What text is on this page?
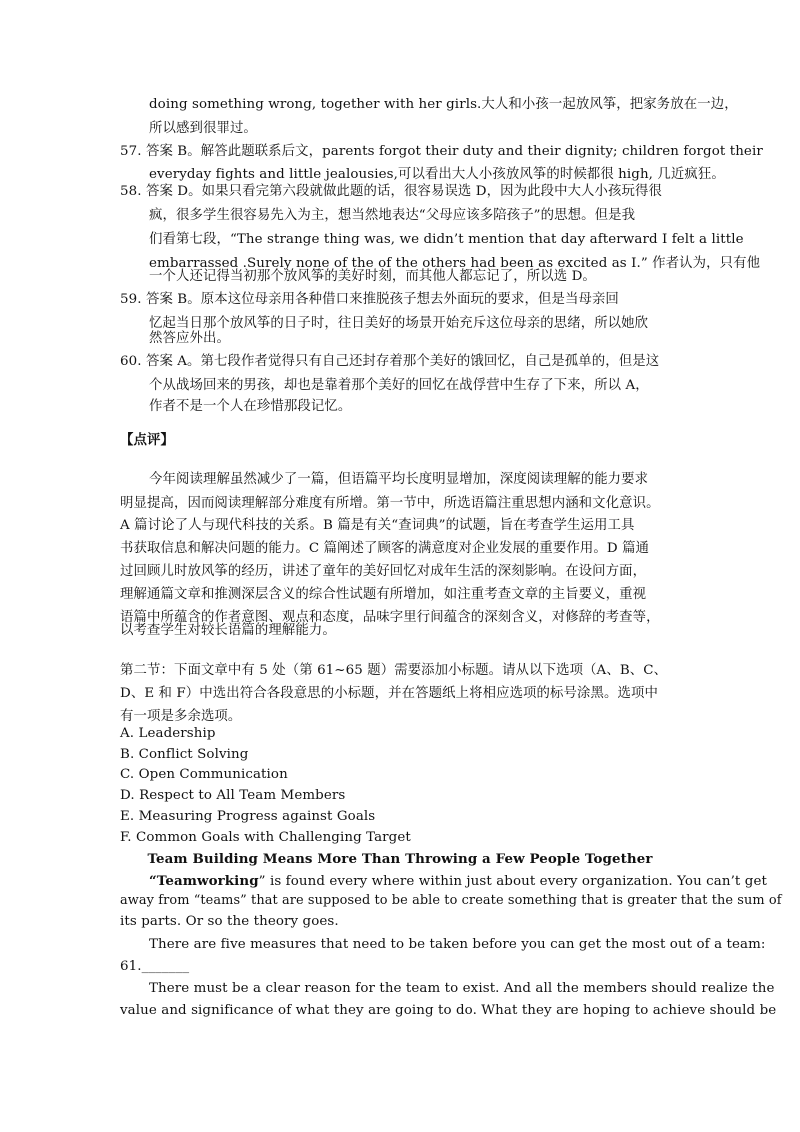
doing something wrong, together with her girls.大人和小孩一起放风筝，把家务放在一边，
所以感到很罪过。
57. 答案 B。解答此题联系后文，parents forgot their duty and their dignity; children forgot their
everyday fights and little jealousies,可以看出大人小孩放风筝的时候都很 high, 几近疯狂。
58. 答案 D。如果只看完第六段就做此题的话，很容易误选 D，因为此段中大人小孩玩得很
疯，很多学生很容易先入为主，想当然地表达“父母应该多陪孩子”的思想。但是我
们看第七段，“The strange thing was, we didn’t mention that day afterward I felt a little
embarrassed .Surely none of the of the others had been as excited as I.” 作者认为，只有他
一个人还记得当初那个放风筝的美好时刻，而其他人都忘记了，所以选 D。
59. 答案 B。原本这位母亲用各种借口来推脱孩子想去外面玩的要求，但是当母亲回
忆起当日那个放风筝的日子时，往日美好的场景开始充斥这位母亲的思绪，所以她欣
然答应外出。
60. 答案 A。第七段作者觉得只有自己还封存着那个美好的饿回忆，自己是孤单的，但是这
个从战场回来的男孩，却也是靠着那个美好的回忆在战俘营中生存了下来，所以 A，
作者不是一个人在珍惜那段记忆。
【点评】
今年阅读理解虽然减少了一篇，但语篇平均长度明显增加，深度阅读理解的能力要求
明显提高，因而阅读理解部分难度有所增。第一节中，所选语篇注重思想内涵和文化意识。
A 篇讨论了人与现代科技的关系。B 篇是有关“查词典”的试题，旨在考查学生运用工具
书获取信息和解决问题的能力。C 篇阐述了顾客的满意度对企业发展的重要作用。D 篇通
过回顾儿时放风筝的经历，讲述了童年的美好回忆对成年生活的深刻影响。在设问方面，
理解通篇文章和推测深层含义的综合性试题有所增加，如注重考查文章的主旨要义，重视
语篇中所蕴含的作者意图、观点和态度，品味字里行间蕴含的深刻含义，对修辞的考查等，
以考查学生对较长语篇的理解能力。
第二节：下面文章中有 5 处（第 61~65 题）需要添加小标题。请从以下选项（A、B、C、
D、E 和 F）中选出符合各段意思的小标题，并在答题纸上将相应选项的标号涂黑。选项中
有一项是多余选项。
A. Leadership
B. Conflict Solving
C. Open Communication
D. Respect to All Team Members
E. Measuring Progress against Goals
F. Common Goals with Challenging Target
Team Building Means More Than Throwing a Few People Together
“Teamworking” is found every where within just about every organization. You can’t get
away from “teams” that are supposed to be able to create something that is greater that the sum of
its parts. Or so the theory goes.
There are five measures that need to be taken before you can get the most out of a team:
61._______
There must be a clear reason for the team to exist. And all the members should realize the
value and significance of what they are going to do. What they are hoping to achieve should be
